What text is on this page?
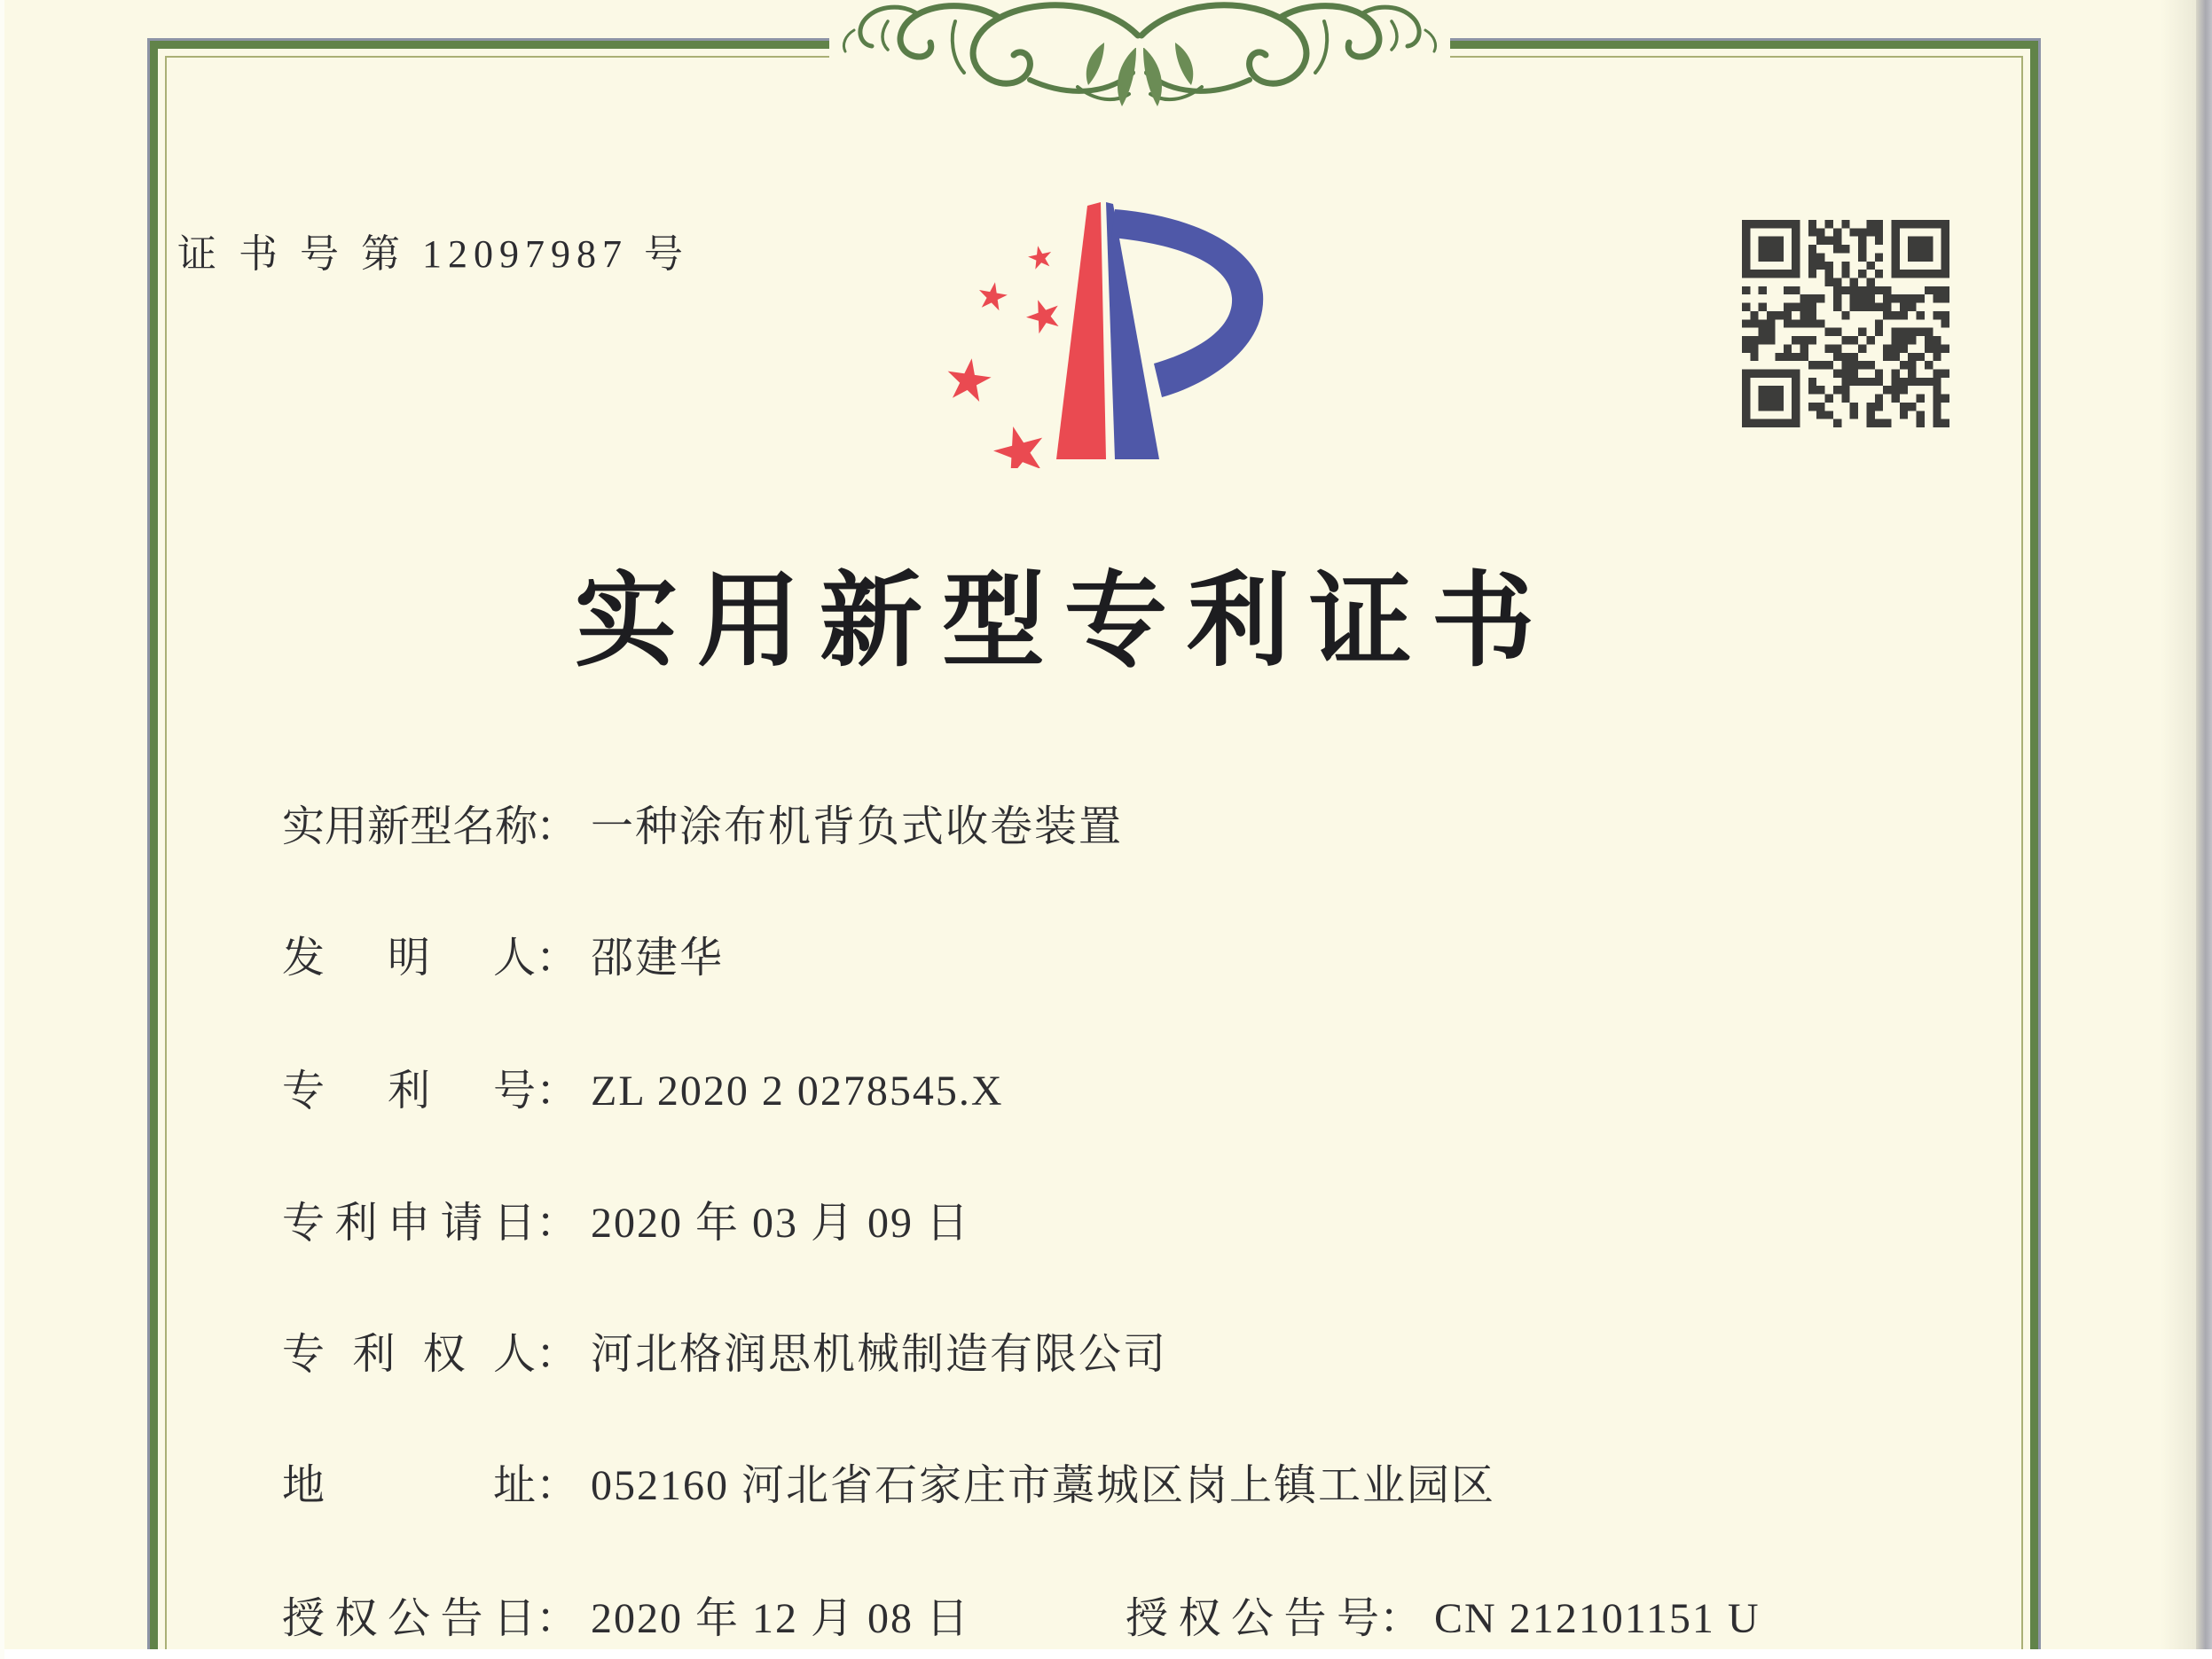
证 书 号 第 12097987 号
实用新型专利证书
实 用 新 型 名 称
： 一种涂布机背负式收卷装置
发 明 人 ： 邵建华
专 利 号 ： ZL 2020 2 0278545.X
专 利 申 请 日 ： 2020 年 03 月 09 日
专 利 权 人 ： 河北格润思机械制造有限公司
地	址 ： 052160 河北省石家庄市藁城区岗上镇工业园区
授 权 公 告 日 ： 2020 年 12 月 08 日	授 权 公 告 号 ： CN 212101151 U
